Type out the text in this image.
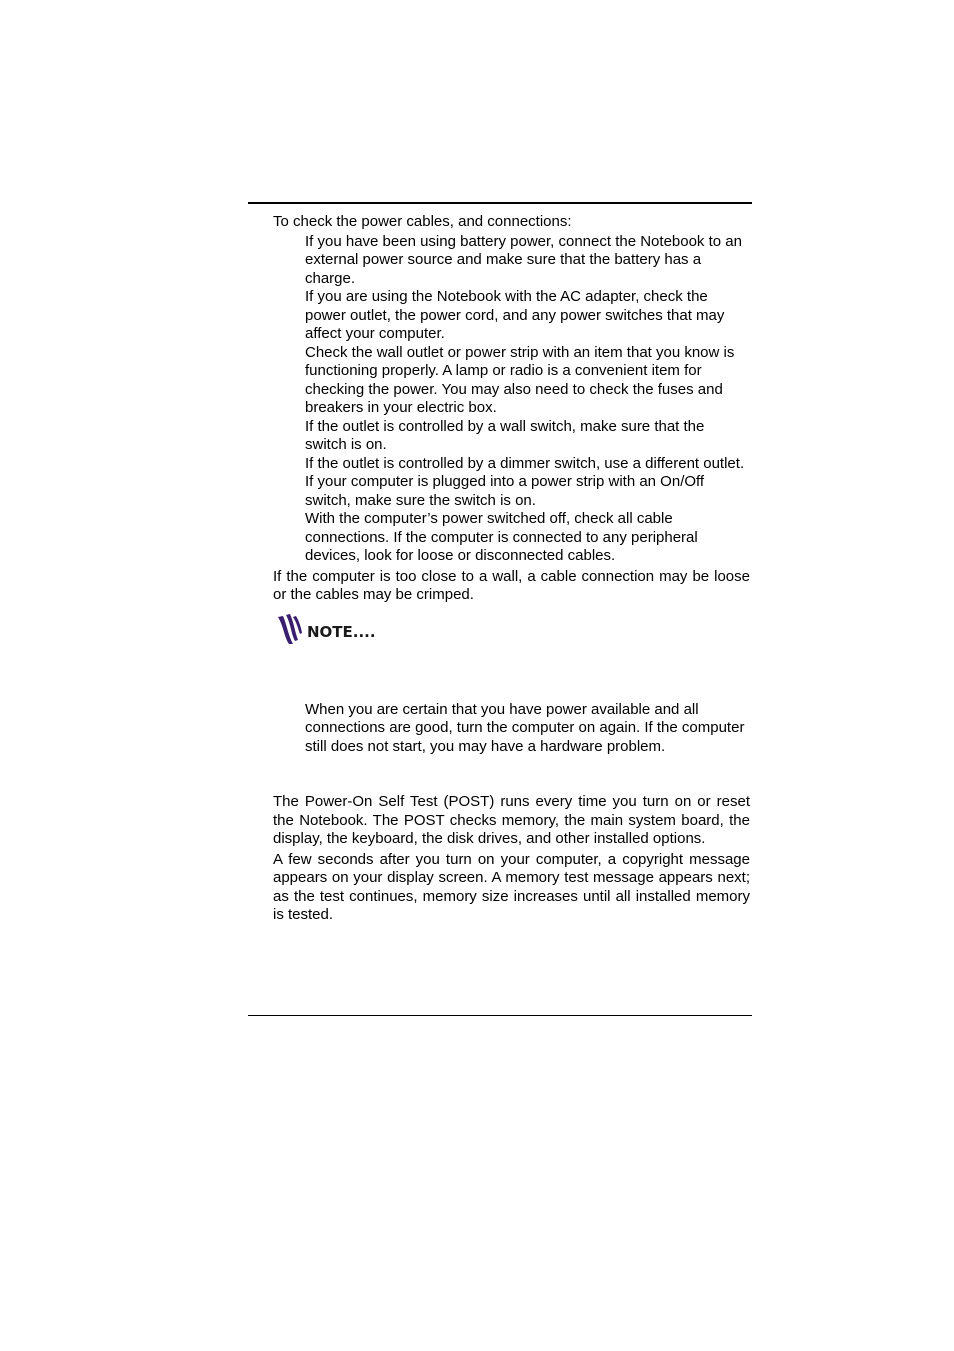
To check the power cables, and connections:

If you have been using battery power, connect the Notebook to an external power source and make sure that the battery has a charge.
If you are using the Notebook with the AC adapter, check the power outlet, the power cord, and any power switches that may affect your computer.
Check the wall outlet or power strip with an item that you know is functioning properly. A lamp or radio is a convenient item for checking the power. You may also need to check the fuses and breakers in your electric box.
If the outlet is controlled by a wall switch, make sure that the switch is on.
If the outlet is controlled by a dimmer switch, use a different outlet.
If your computer is plugged into a power strip with an On/Off switch, make sure the switch is on.
With the computer’s power switched off, check all cable connections. If the computer is connected to any peripheral devices, look for loose or disconnected cables.

If the computer is too close to a wall, a cable connection may be loose or the cables may be crimped.

NOTE....

When you are certain that you have power available and all connections are good, turn the computer on again. If the computer still does not start, you may have a hardware problem.

The Power-On Self Test (POST) runs every time you turn on or reset the Notebook. The POST checks memory, the main system board, the display, the keyboard, the disk drives, and other installed options.

A few seconds after you turn on your computer, a copyright message appears on your display screen. A memory test message appears next; as the test continues, memory size increases until all installed memory is tested.
